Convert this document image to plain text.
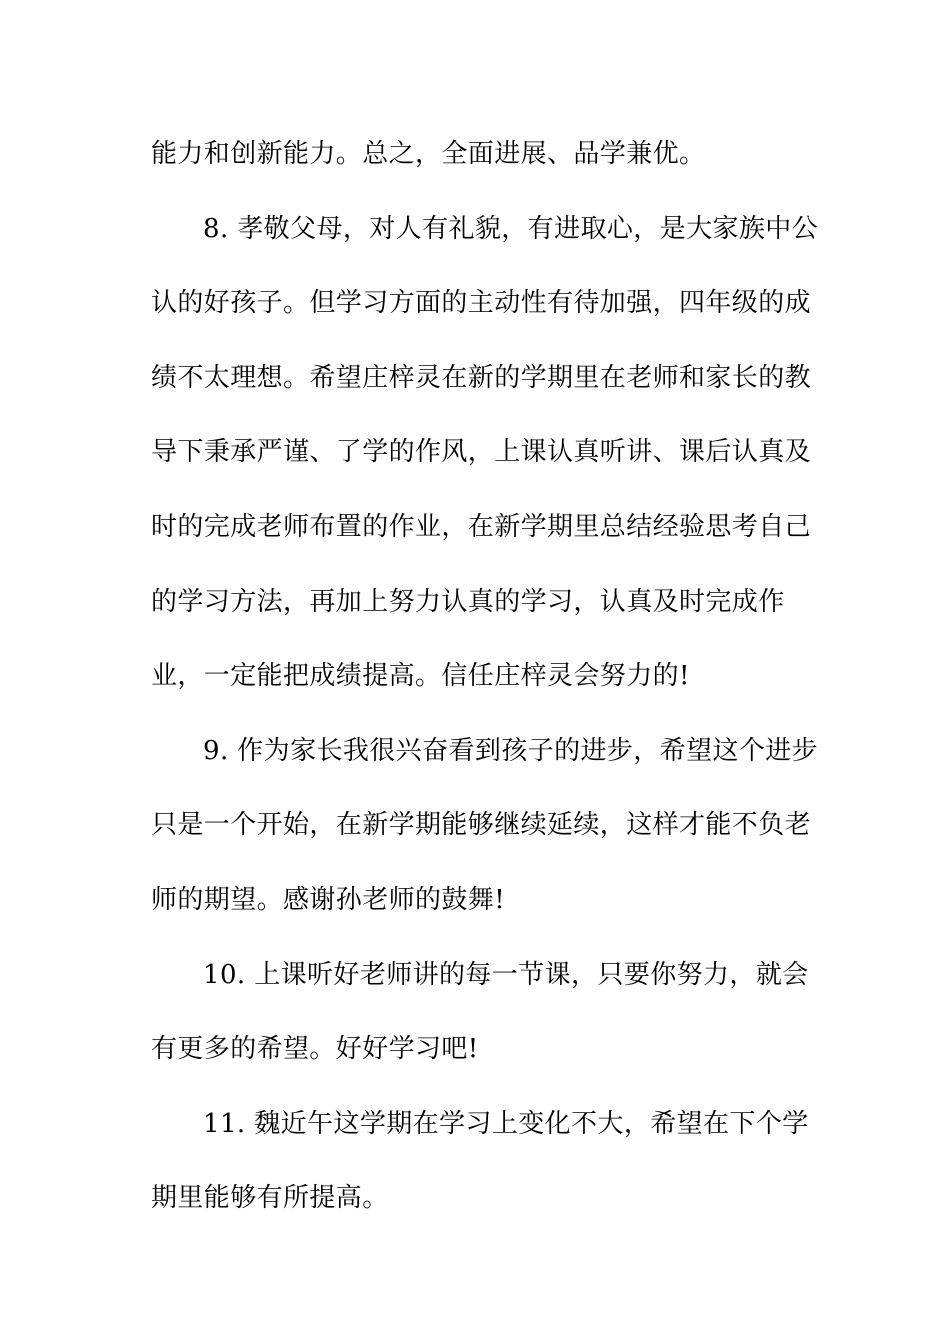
能力和创新能力。总之，全面进展、品学兼优。
8. 孝敬父母，对人有礼貌，有进取心，是大家族中公
认的好孩子。但学习方面的主动性有待加强，四年级的成
绩不太理想。希望庄梓灵在新的学期里在老师和家长的教
导下秉承严谨、了学的作风，上课认真听讲、课后认真及
时的完成老师布置的作业，在新学期里总结经验思考自己
的学习方法，再加上努力认真的学习，认真及时完成作
业，一定能把成绩提高。信任庄梓灵会努力的!
9. 作为家长我很兴奋看到孩子的进步，希望这个进步
只是一个开始，在新学期能够继续延续，这样才能不负老
师的期望。感谢孙老师的鼓舞!
10. 上课听好老师讲的每一节课，只要你努力，就会
有更多的希望。好好学习吧!
11. 魏近午这学期在学习上变化不大，希望在下个学
期里能够有所提高。
